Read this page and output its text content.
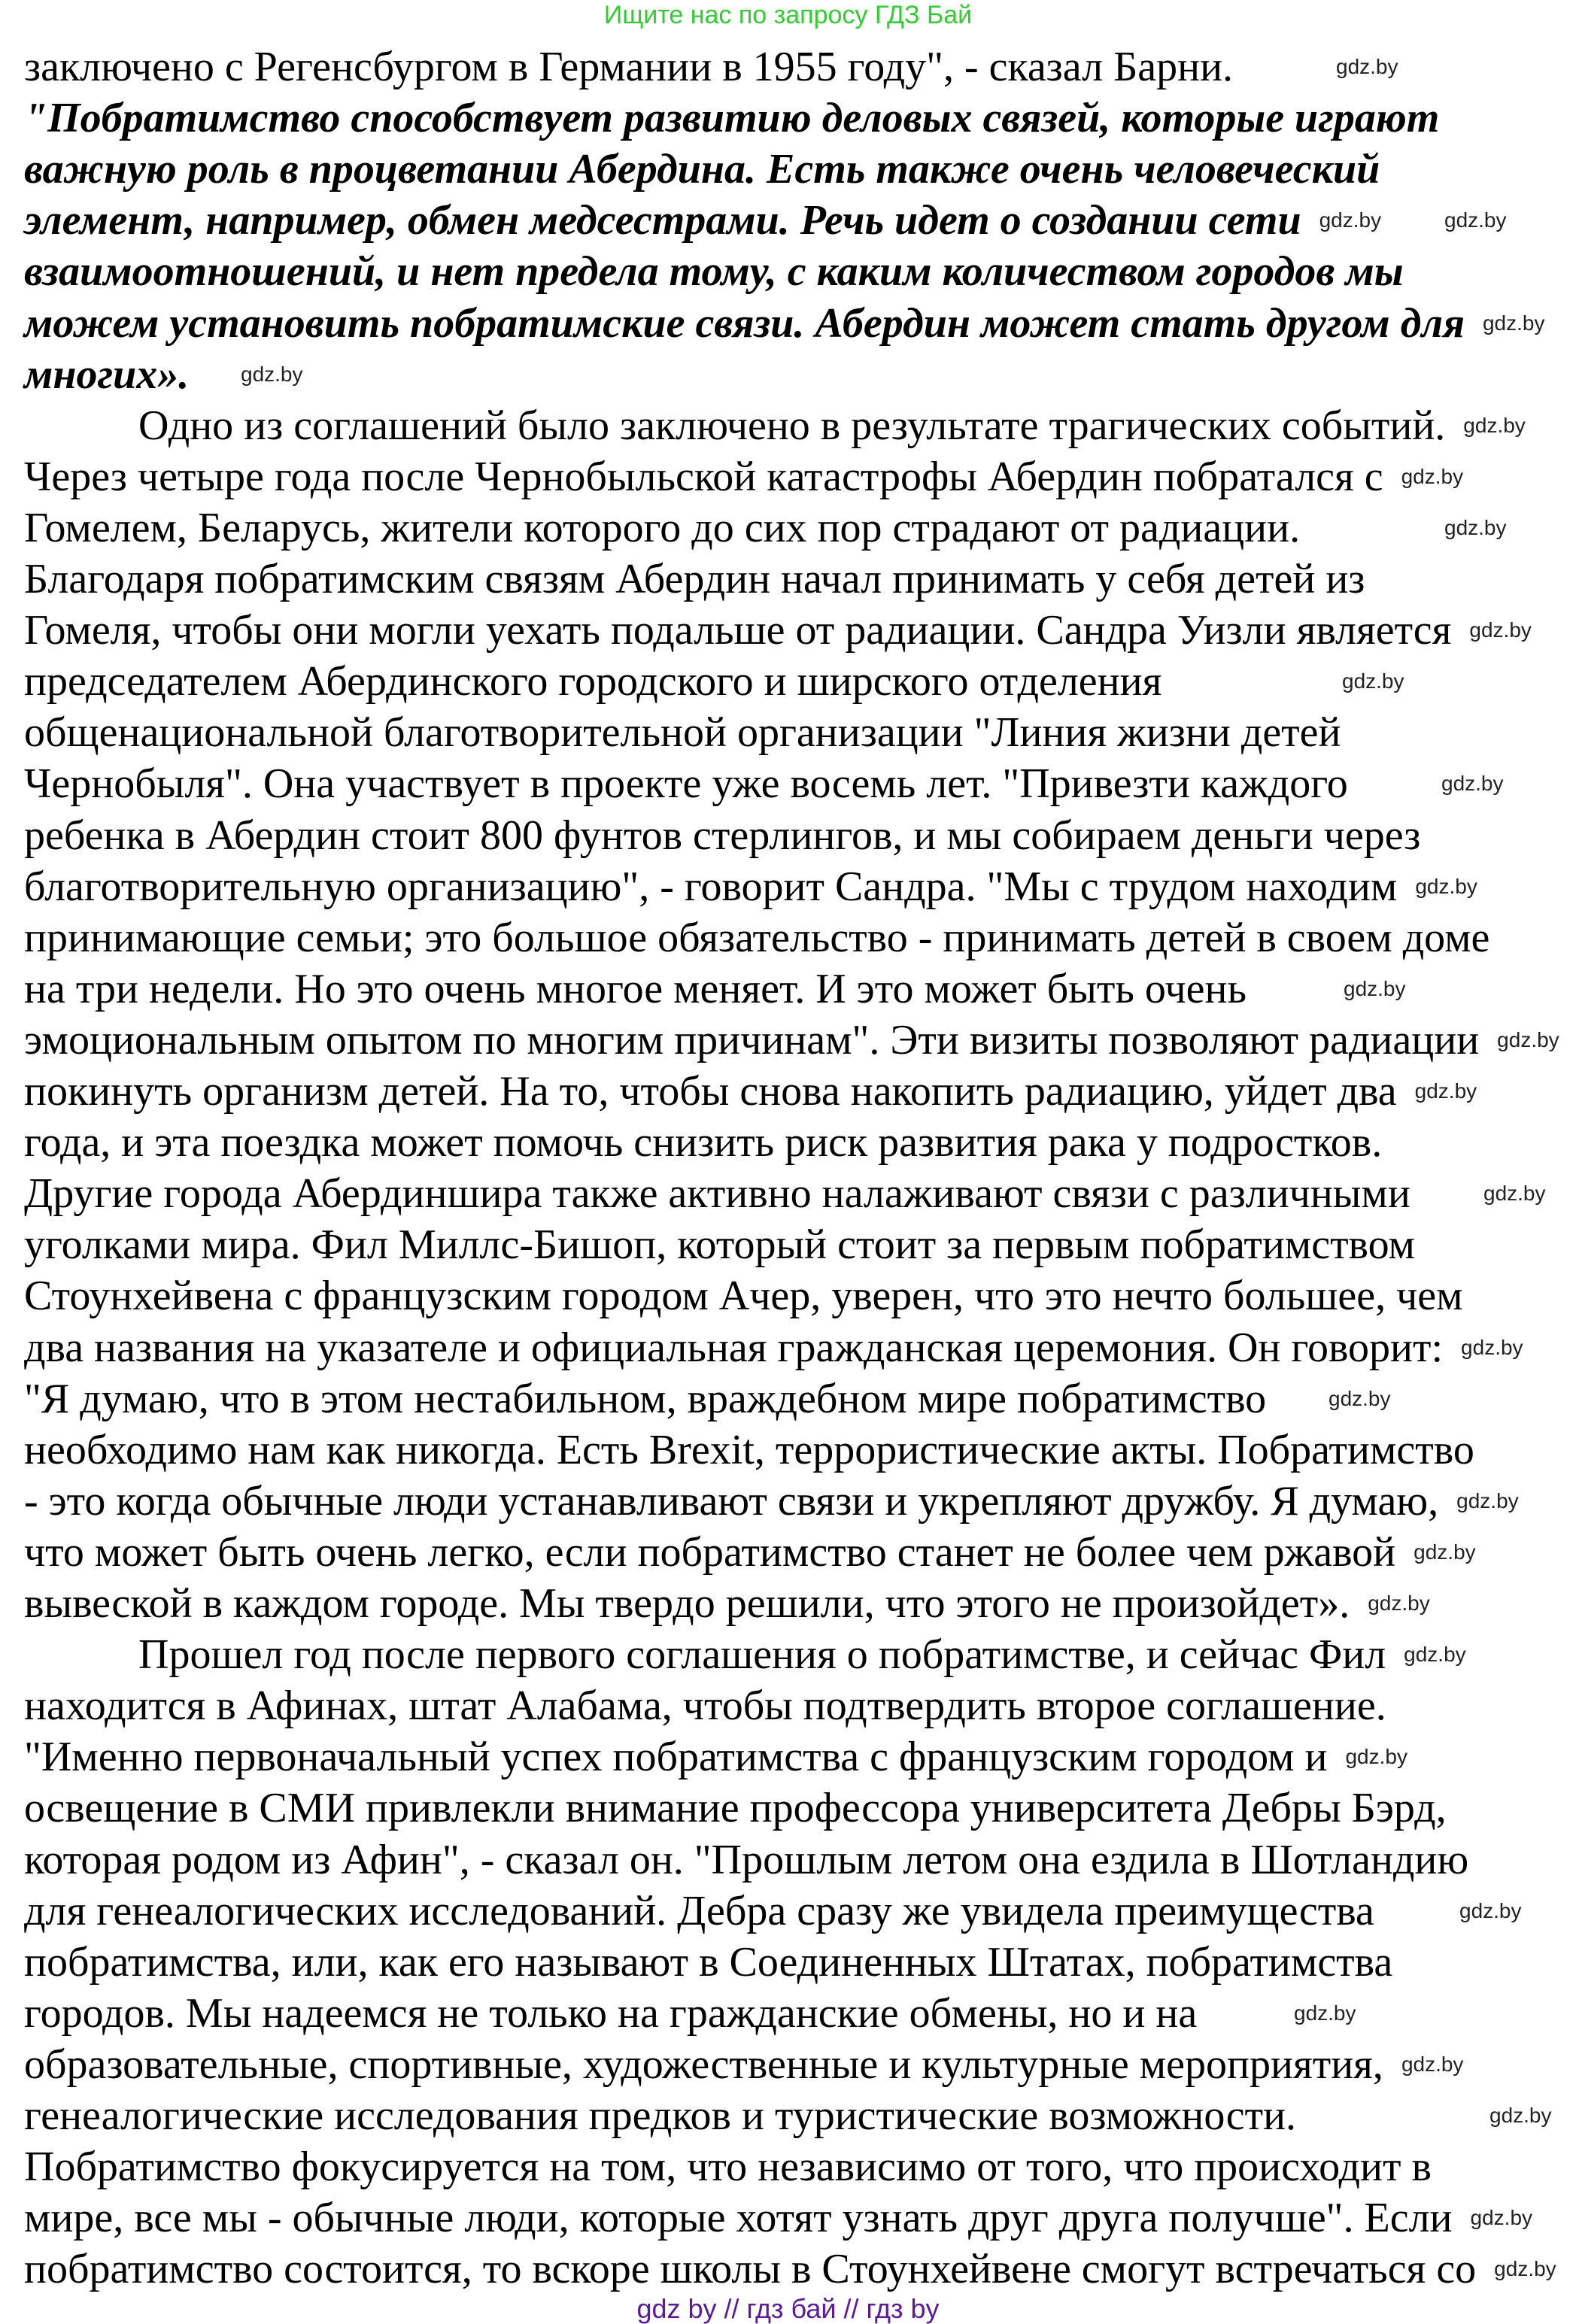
Ищите нас по запросу ГДЗ Бай
заключено с Регенсбургом в Германии в 1955 году", - сказал Барни.
"Побратимство способствует развитию деловых связей, которые играют
важную роль в процветании Абердина. Есть также очень человеческий
элемент, например, обмен медсестрами. Речь идет о создании сети
взаимоотношений, и нет предела тому, с каким количеством городов мы
можем установить побратимские связи. Абердин может стать другом для
многих».
Одно из соглашений было заключено в результате трагических событий.
Через четыре года после Чернобыльской катастрофы Абердин побратался с
Гомелем, Беларусь, жители которого до сих пор страдают от радиации.
Благодаря побратимским связям Абердин начал принимать у себя детей из
Гомеля, чтобы они могли уехать подальше от радиации. Сандра Уизли является
председателем Абердинского городского и ширского отделения
общенациональной благотворительной организации "Линия жизни детей
Чернобыля". Она участвует в проекте уже восемь лет. "Привезти каждого
ребенка в Абердин стоит 800 фунтов стерлингов, и мы собираем деньги через
благотворительную организацию", - говорит Сандра. "Мы с трудом находим
принимающие семьи; это большое обязательство - принимать детей в своем доме
на три недели. Но это очень многое меняет. И это может быть очень
эмоциональным опытом по многим причинам". Эти визиты позволяют радиации
покинуть организм детей. На то, чтобы снова накопить радиацию, уйдет два
года, и эта поездка может помочь снизить риск развития рака у подростков.
Другие города Абердиншира также активно налаживают связи с различными
уголками мира. Фил Миллс-Бишоп, который стоит за первым побратимством
Стоунхейвена с французским городом Ачер, уверен, что это нечто большее, чем
два названия на указателе и официальная гражданская церемония. Он говорит:
"Я думаю, что в этом нестабильном, враждебном мире побратимство
необходимо нам как никогда. Есть Brexit, террористические акты. Побратимство
- это когда обычные люди устанавливают связи и укрепляют дружбу. Я думаю,
что может быть очень легко, если побратимство станет не более чем ржавой
вывеской в каждом городе. Мы твердо решили, что этого не произойдет».
Прошел год после первого соглашения о побратимстве, и сейчас Фил
находится в Афинах, штат Алабама, чтобы подтвердить второе соглашение.
"Именно первоначальный успех побратимства с французским городом и
освещение в СМИ привлекли внимание профессора университета Дебры Бэрд,
которая родом из Афин", - сказал он. "Прошлым летом она ездила в Шотландию
для генеалогических исследований. Дебра сразу же увидела преимущества
побратимства, или, как его называют в Соединенных Штатах, побратимства
городов. Мы надеемся не только на гражданские обмены, но и на
образовательные, спортивные, художественные и культурные мероприятия,
генеалогические исследования предков и туристические возможности.
Побратимство фокусируется на том, что независимо от того, что происходит в
мире, все мы - обычные люди, которые хотят узнать друг друга получше". Если
побратимство состоится, то вскоре школы в Стоунхейвене смогут встречаться со
gdz.by
gdz.by	gdz.by
gdz.by
gdz.by
gdz.by
gdz.by
gdz.by
gdz.by
gdz.by
gdz.by
gdz.by
gdz.by
gdz.by
gdz.by
gdz.by
gdz.by
gdz.by
gdz.by
gdz.by
gdz.by
gdz.by
gdz.by
gdz.by
gdz.by
gdz.by
gdz.by
gdz.by
gdz.by
gdz by // гдз бай // гдз by
